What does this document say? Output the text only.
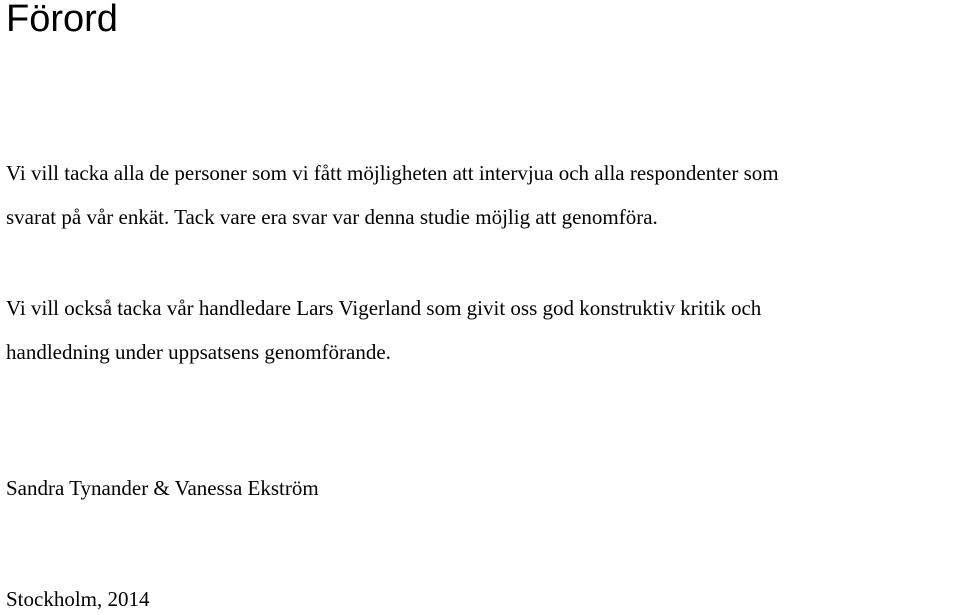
Förord

Vi vill tacka alla de personer som vi fått möjligheten att intervjua och alla respondenter som
svarat på vår enkät. Tack vare era svar var denna studie möjlig att genomföra.

Vi vill också tacka vår handledare Lars Vigerland som givit oss god konstruktiv kritik och
handledning under uppsatsens genomförande.

Sandra Tynander & Vanessa Ekström

Stockholm, 2014
